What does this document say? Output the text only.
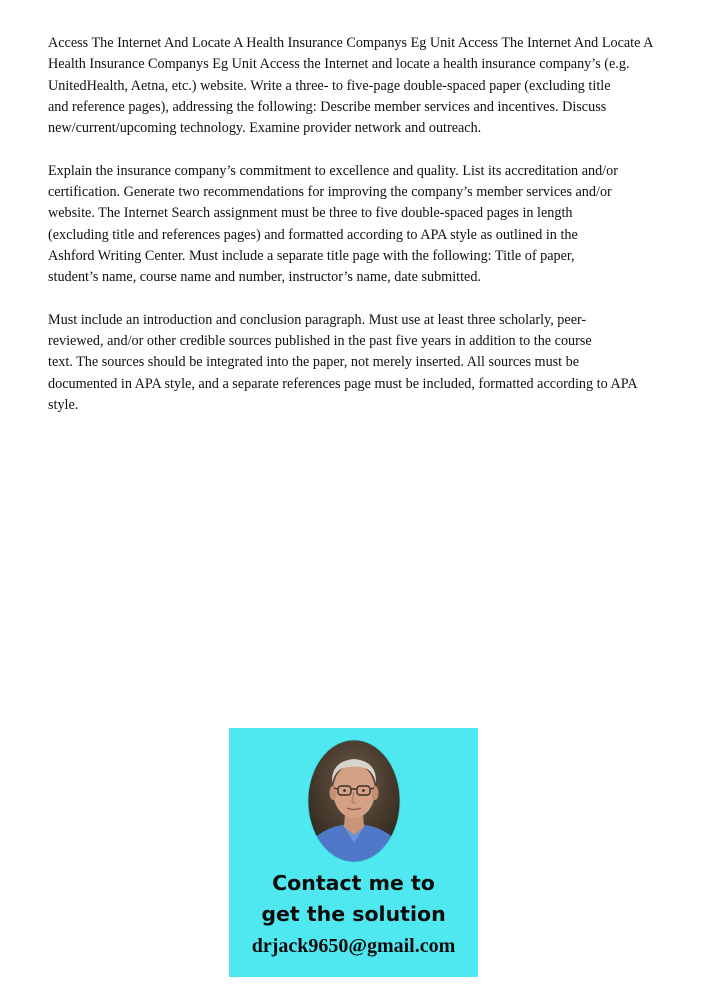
Access The Internet And Locate A Health Insurance Companys Eg Unit Access The Internet And Locate A
Health Insurance Companys Eg Unit Access the Internet and locate a health insurance company’s (e.g.
UnitedHealth, Aetna, etc.) website. Write a three- to five-page double-spaced paper (excluding title
and reference pages), addressing the following: Describe member services and incentives. Discuss
new/current/upcoming technology. Examine provider network and outreach.

Explain the insurance company’s commitment to excellence and quality. List its accreditation and/or
certification. Generate two recommendations for improving the company’s member services and/or
website. The Internet Search assignment must be three to five double-spaced pages in length
(excluding title and references pages) and formatted according to APA style as outlined in the
Ashford Writing Center. Must include a separate title page with the following: Title of paper,
student’s name, course name and number, instructor’s name, date submitted.

Must include an introduction and conclusion paragraph. Must use at least three scholarly, peer-
reviewed, and/or other credible sources published in the past five years in addition to the course
text. The sources should be integrated into the paper, not merely inserted. All sources must be
documented in APA style, and a separate references page must be included, formatted according to APA
style.

Contact me to
get the solution
drjack9650@gmail.com
